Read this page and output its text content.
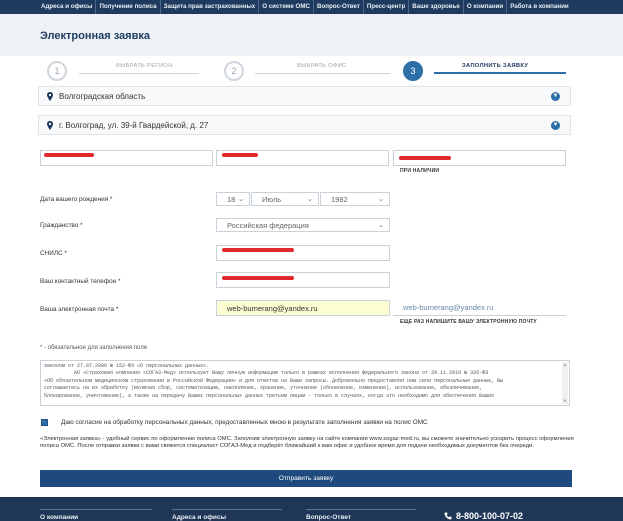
Адреса и офисы	Получение полиса	Защита прав застрахованных	О системе ОМС	Вопрос-Ответ	Пресс-центр	Ваше здоровье	О компании	Работа в компании
Электронная заявка
1	ВЫБРАТЬ РЕГИОН	2	ВЫБРАТЬ ОФИС	3	ЗАПОЛНИТЬ ЗАЯВКУ
Волгоградская область	▼
г. Волгоград, ул. 39-й Гвардейской, д. 27	▼
ПРИ НАЛИЧИИ
Дата вашего рождения *	18 ⌄ Июль	⌄ 1982	⌄
Гражданство *	Российская федерация	⌄
СНИЛС *
Ваш контактный телефон *
Ваша электронная почта *	web-bumerang@yandex.ru	web-bumerang@yandex.ru
ЕЩЕ РАЗ НАПИШИТЕ ВАШУ ЭЛЕКТРОННУЮ ПОЧТУ
* - обязательное для заполнения поле
законом от 27.07.2006 № 152-ФЗ «О персональных данных».
АО «Страховая компания «СОГАЗ-Мед» использует Вашу личную информацию только в рамках исполнения федерального закона от 29.11.2010 № 326-ФЗ
«Об обязательном медицинском страховании в Российской Федерации» и для ответов на Ваши запросы. Добровольно предоставляя нам свои персональные данные, Вы
соглашаетесь на их обработку (включая сбор, систематизацию, накопление, хранение, уточнение (обновление, изменение), использование, обезличивание,
блокирование, уничтожение), а также на передачу Ваших персональных данных третьим лицам - только в случаях, когда это необходимо для обеспечения Ваших
▲
▼
Даю согласие на обработку персональных данных, предоставленных мною в результате заполнения заявки на полис ОМС
«Электронная заявка» - удобный сервис по оформлению полиса ОМС. Заполнив электронную заявку на сайте компании www.sogaz-med.ru, вы сможете значительно ускорить процесс оформления полиса ОМС. После отправки заявки с вами свяжется специалист СОГАЗ-Мед и подберёт ближайший к вам офис и удобное время для подачи необходимых документов без очереди.
Отправить заявку
О компании	Адреса и офисы	Вопрос-Ответ	8-800-100-07-02
